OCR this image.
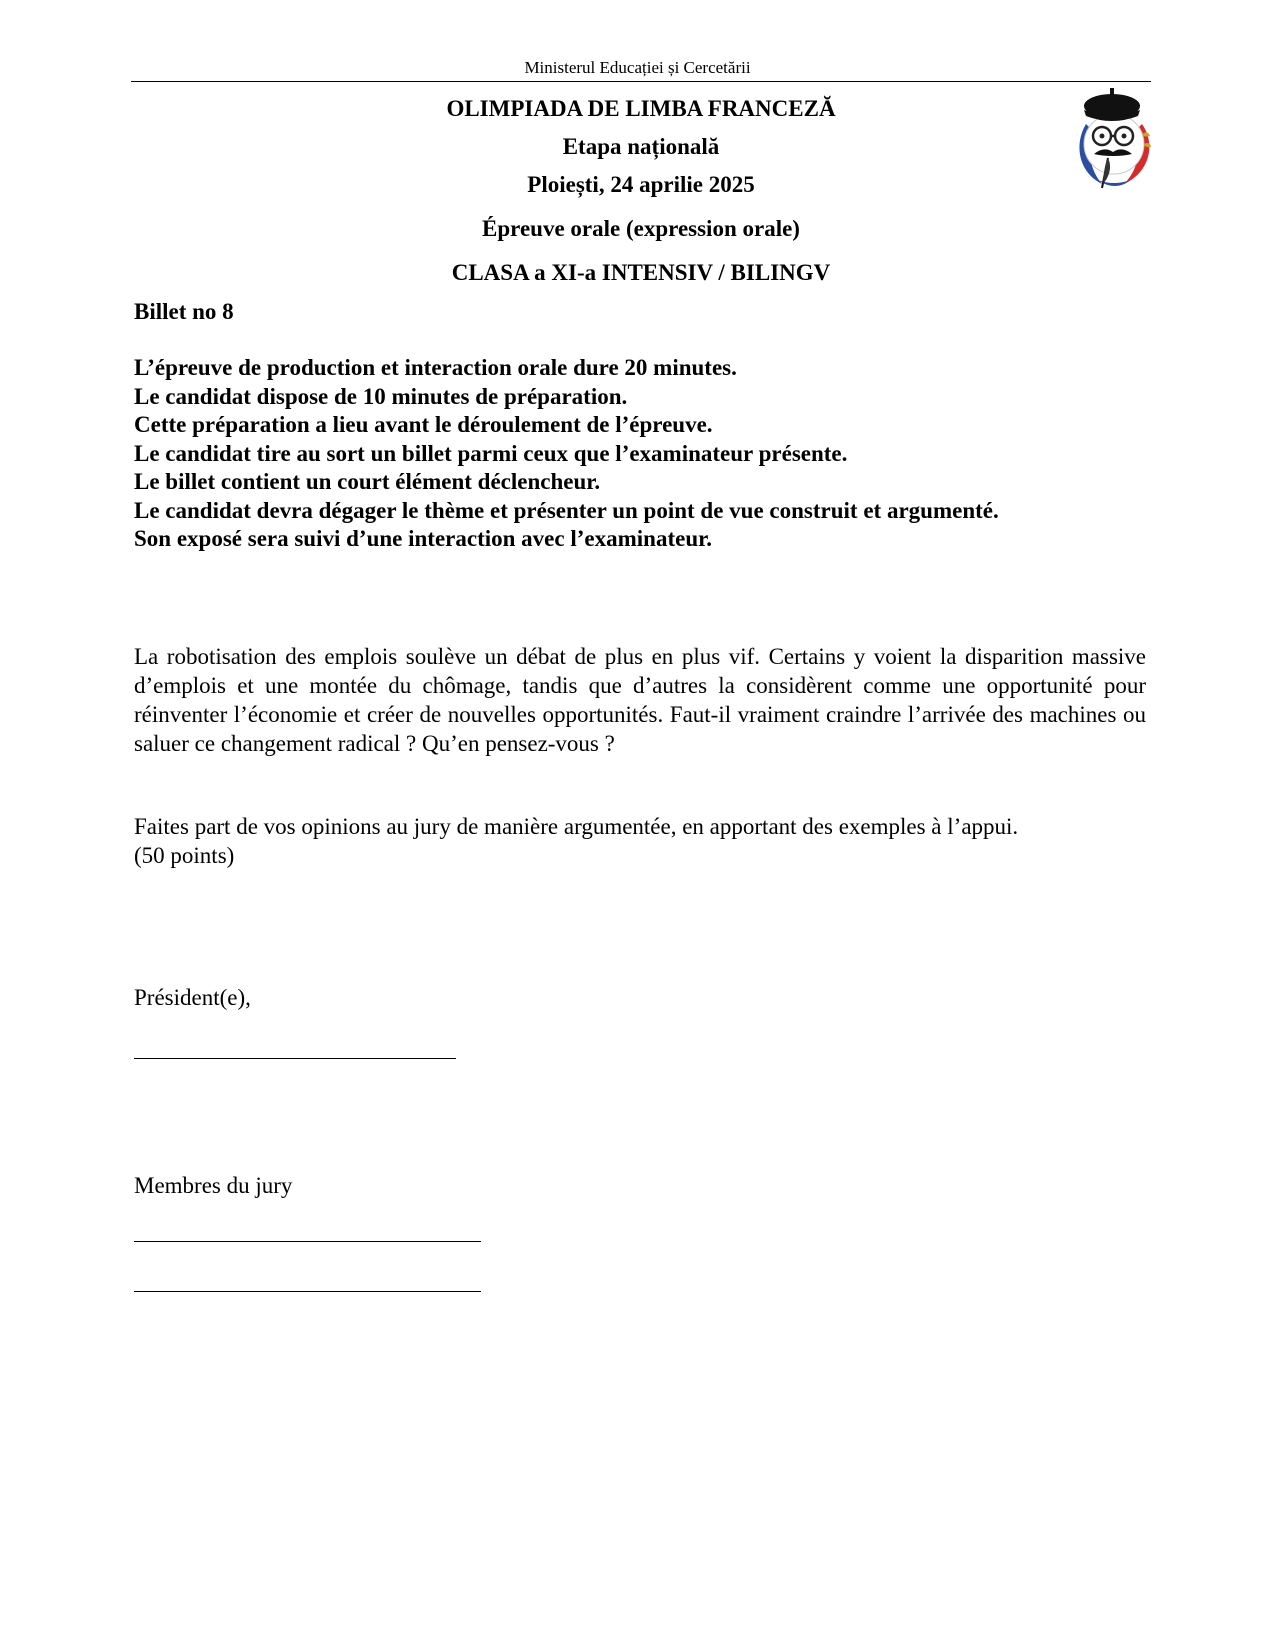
Ministerul Educației și Cercetării
OLIMPIADA DE LIMBA FRANCEZĂ
Etapa națională
Ploiești, 24 aprilie 2025
Épreuve orale (expression orale)
CLASA a XI-a INTENSIV / BILINGV
Billet no 8
L’épreuve de production et interaction orale dure 20 minutes.
Le candidat dispose de 10 minutes de préparation.
Cette préparation a lieu avant le déroulement de l’épreuve.
Le candidat tire au sort un billet parmi ceux que l’examinateur présente.
Le billet contient un court élément déclencheur.
Le candidat devra dégager le thème et présenter un point de vue construit et argumenté.
Son exposé sera suivi d’une interaction avec l’examinateur.
La robotisation des emplois soulève un débat de plus en plus vif. Certains y voient la disparition massive d’emplois et une montée du chômage, tandis que d’autres la considèrent comme une opportunité pour réinventer l’économie et créer de nouvelles opportunités. Faut-il vraiment craindre l’arrivée des machines ou saluer ce changement radical ? Qu’en pensez-vous ?
Faites part de vos opinions au jury de manière argumentée, en apportant des exemples à l’appui.
(50 points)
Président(e),
Membres du jury
